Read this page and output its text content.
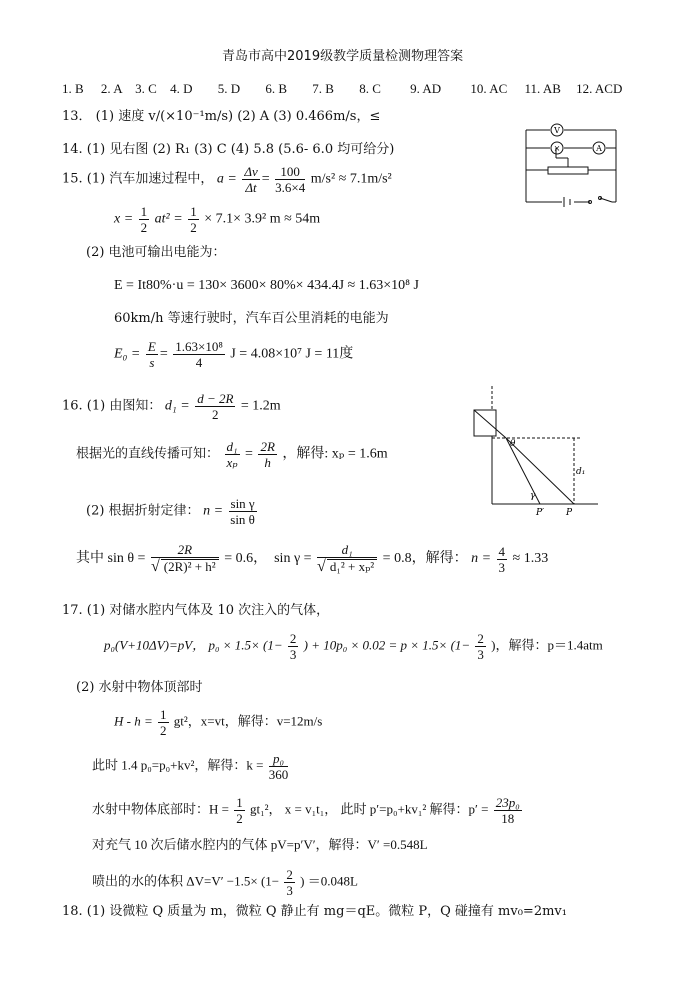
青岛市高中2019级教学质量检测物理答案
1. B 2. A 3. C 4. D 5. D 6. B 7. B 8. C 9. AD 10. AC 11. AB 12. ACD
13． (1) 速度 v/(×10⁻¹m/s) (2) A (3) 0.466m/s，≤
14. (1) 见右图 (2) R₁ (3) C (4) 5.8 (5.6- 6.0 均可给分)
V
×	A
15. (1) 汽车加速过程中， $a = \frac{\Delta v}{\Delta t} = \frac{100}{3.6\times 4} m/s^2 \approx 7.1m/s^2$
$x = \frac{1}{2} at^2 = \frac{1}{2} \times 7.1\times 3.9^2$ m ≈ 54m
(2) 电池可输出电能为：
E = It80%·u = 130× 3600× 80%× 434.4J ≈ 1.63×10⁸ J
60km/h 等速行驶时，汽车百公里消耗的电能为
$E_0 = \frac{E}{s} = \frac{\text{1.63×10⁸}}{4}$ J = 4.08×10⁷ J = 11度
16. (1) 由图知： $d_1 = \frac{d - 2R}{2} = 1.2m$
根据光的直线传播可知： $\frac{\text{d₁}}{\text{xₚ}} = \frac{2R}{h}$ ，解得: xₚ = 1.6m
(2) 根据折射定律： $n = \frac{\text{sin γ}}{\text{sin θ}}$
其中 $\sin \theta = \frac{2R}{\text{√ (2R)² + h²}} = 0.6$， $\sin \gamma = \frac{\text{d₁}}{\text{√ d₁² + xₚ²}} = 0.8$，解得： $n = \frac{4}{3} \approx 1.33$
θ
γ
d₁
P′ P
17. (1) 对储水腔内气体及 10 次注入的气体，
p₀(V+10ΔV)=pV， $p_0 \times 1.5\times (1- \frac{2}{3}$ ) + $10p_0 \times 0.02 = p \times 1.5\times (1- \frac{2}{3}$ )，解得：p＝1.4atm
(2) 水射中物体顶部时
$H - h = \frac{1}{2} gt^2$，x=vt，解得：v=12m/s
此时 1.4 p₀=p₀+kv²，解得：$k = \frac{\text{p₀}}{360}$
水射中物体底部时：$H = \frac{1}{2} gt_1^2$， x = v₁t₁， 此时 p′=p₀+kv₁² 解得：$p' = \frac{\text{23p₀}}{18}$
对充气 10 次后储水腔内的气体 pV=p′V′，解得：V′ =0.548L
喷出的水的体积 $\Delta V=V' -1.5\times (1- \frac{2}{3}$ ) ＝0.048L
18. (1) 设微粒 Q 质量为 m，微粒 Q 静止有 mg＝qE。微粒 P，Q 碰撞有 mv₀=2mv₁
